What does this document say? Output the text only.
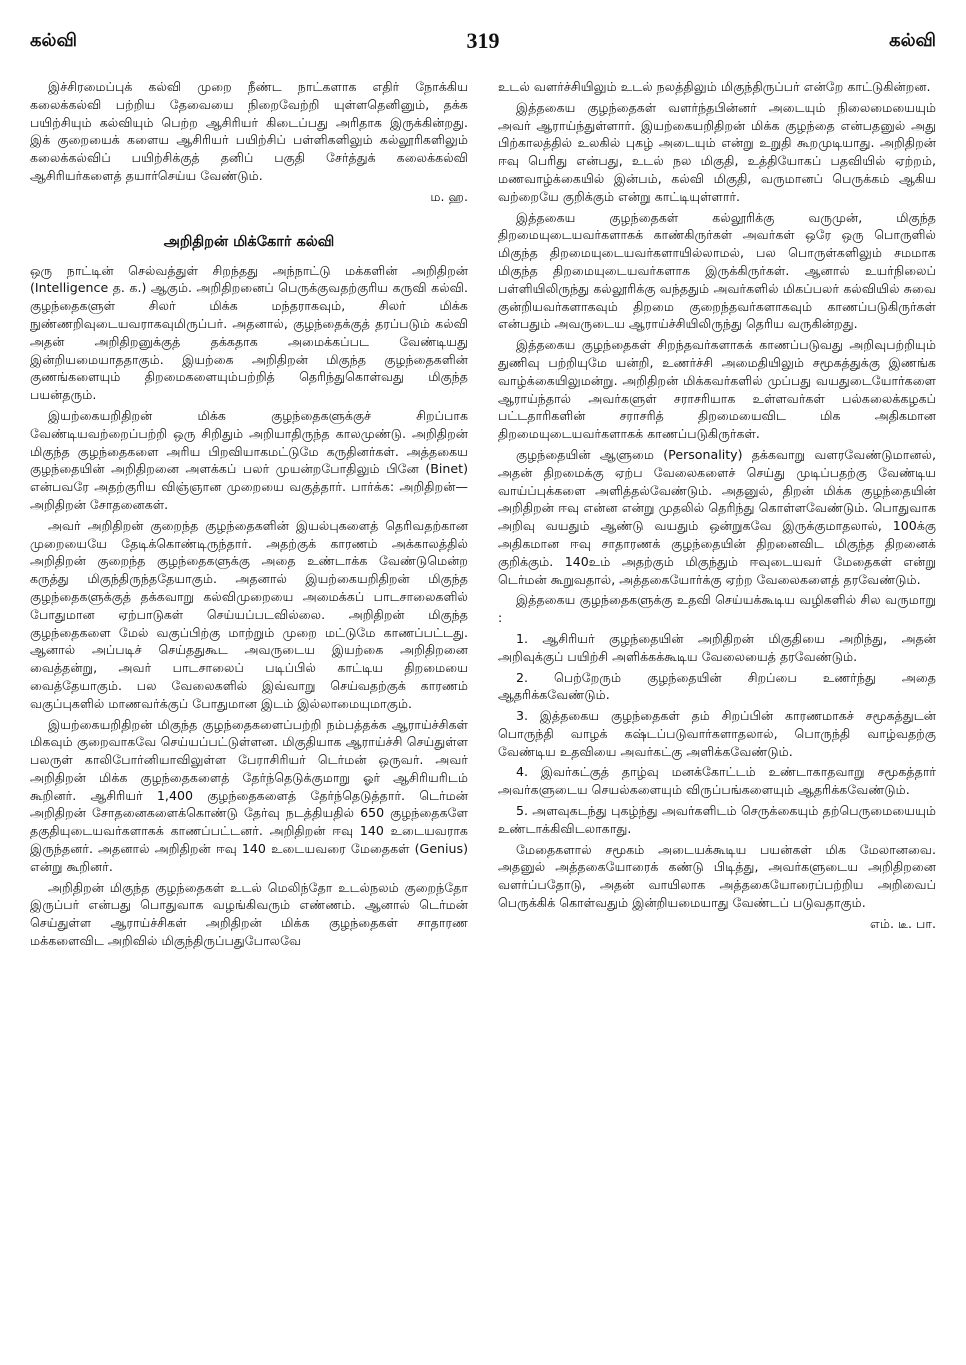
கல்வி	319	கல்வி

இச்சிரமைப்புக் கல்வி முறை நீண்ட நாட்களாக எதிர் நோக்கிய கலைக்கல்வி பற்றிய தேவையை நிறைவேற்றி யுள்ளதெனினும், தக்க பயிற்சியும் கல்வியும் பெற்ற ஆசிரியர் கிடைப்பது அரிதாக இருக்கின்றது. இக் குறையைக் களைய ஆசிரியர் பயிற்சிப் பள்ளிகளிலும் கல்லூரிகளிலும் கலைக்கல்விப் பயிற்சிக்குத் தனிப் பகுதி சேர்த்துக் கலைக்கல்வி ஆசிரியர்களைத் தயார்செய்ய வேண்டும்.

ம. ஹ.
அறிதிறன் மிக்கோர் கல்வி

ஒரு நாட்டின் செல்வத்துள் சிறந்தது அந்நாட்டு மக்களின் அறிதிறன் (Intelligence த. க.) ஆகும். அறிதிறனைப் பெருக்குவதற்குரிய கருவி கல்வி. குழந்தைகளுள் சிலர் மிக்க மந்தராகவும், சிலர் மிக்க நுண்ணறிவுடையவராகவுமிருப்பர். அதனால், குழந்தைக்குத் தரப்படும் கல்வி அதன் அறிதிறனுக்குத் தக்கதாக அமைக்கப்பட வேண்டியது இன்றியமையாததாகும். இயற்கை அறிதிறன் மிகுந்த குழந்தைகளின் குணங்களையும் திறமைகளையும்பற்றித் தெரிந்துகொள்வது மிகுந்த பயன்தரும்.

இயற்கையறிதிறன் மிக்க குழந்தைகளுக்குச் சிறப்பாக வேண்டியவற்றைப்பற்றி ஒரு சிறிதும் அறியாதிருந்த காலமுண்டு. அறிதிறன் மிகுந்த குழந்தைகளை அரிய பிறவியாகமட்டுமே கருதினர்கள். அத்தகைய குழந்தையின் அறிதிறனை அளக்கப் பலர் முயன்றபோதிலும் பினே (Binet) என்பவரே அதற்குரிய விஞ்ஞான முறையை வகுத்தார். பார்க்க: அறிதிறன்—அறிதிறன் சோதனைகள்.

அவர் அறிதிறன் குறைந்த குழந்தைகளின் இயல்புகளைத் தெரிவதற்கான முறையையே தேடிக்கொண்டிருந்தார். அதற்குக் காரணம் அக்காலத்தில் அறிதிறன் குறைந்த குழந்தைகளுக்கு அதை உண்டாக்க வேண்டுமென்ற கருத்து மிகுந்திருந்ததேயாகும். அதனால் இயற்கையறிதிறன் மிகுந்த குழந்தைகளுக்குத் தக்கவாறு கல்விமுறையை அமைக்கப் பாடசாலைகளில் போதுமான ஏற்பாடுகள் செய்யப்படவில்லை. அறிதிறன் மிகுந்த குழந்தைகளை மேல் வகுப்பிற்கு மாற்றும் முறை மட்டுமே காணப்பட்டது. ஆனால் அப்படிச் செய்ததுகூட அவருடைய இயற்கை அறிதிறனை வைத்தன்று, அவர் பாடசாலைப் படிப்பில் காட்டிய திறமையை வைத்தேயாகும். பல வேலைகளில் இவ்வாறு செய்வதற்குக் காரணம் வகுப்புகளில் மாணவர்க்குப் போதுமான இடம் இல்லாமையுமாகும்.

இயற்கையறிதிறன் மிகுந்த குழந்தைகளைப்பற்றி நம்பத்தக்க ஆராய்ச்சிகள் மிகவும் குறைவாகவே செய்யப்பட்டுள்ளன. மிகுதியாக ஆராய்ச்சி செய்துள்ள பலருள் காலிபோர்னியாவிலுள்ள பேராசிரியர் டெர்மன் ஒருவர். அவர் அறிதிறன் மிக்க குழந்தைகளைத் தேர்ந்தெடுக்குமாறு ஓர் ஆசிரியரிடம் கூறினர். ஆசிரியர் 1,400 குழந்தைகளைத் தேர்ந்தெடுத்தார். டெர்மன் அறிதிறன் சோதனைகளைக்கொண்டு தேர்வு நடத்தியதில் 650 குழந்தைகளே தகுதியுடையவர்களாகக் காணப்பட்டனர். அறிதிறன் ஈவு 140 உடையவராக இருந்தனர். அதனால் அறிதிறன் ஈவு 140 உடையவரை மேதைகள் (Genius) என்று கூறினர்.

அறிதிறன் மிகுந்த குழந்தைகள் உடல் மெலிந்தோ உடல்நலம் குறைந்தோ இருப்பர் என்பது பொதுவாக வழங்கிவரும் எண்ணம். ஆனால் டெர்மன் செய்துள்ள ஆராய்ச்சிகள் அறிதிறன் மிக்க குழந்தைகள் சாதாரண மக்களைவிட அறிவில் மிகுந்திருப்பதுபோலவே

உடல் வளர்ச்சியிலும் உடல் நலத்திலும் மிகுந்திருப்பர் என்றே காட்டுகின்றன.

இத்தகைய குழந்தைகள் வளர்ந்தபின்னர் அடையும் நிலைமையையும் அவர் ஆராய்ந்துள்ளார். இயற்கையறிதிறன் மிக்க குழந்தை என்பதனுல் அது பிற்காலத்தில் உலகில் புகழ் அடையும் என்று உறுதி கூறமுடியாது. அறிதிறன் ஈவு பெரிது என்பது, உடல் நல மிகுதி, உத்தியோகப் பதவியில் ஏற்றம், மணவாழ்க்கையில் இன்பம், கல்வி மிகுதி, வருமானப் பெருக்கம் ஆகிய வற்றையே குறிக்கும் என்று காட்டியுள்ளார்.

இத்தகைய குழந்தைகள் கல்லூரிக்கு வருமுன், மிகுந்த திறமையுடையவர்களாகக் காண்கிருர்கள் அவர்கள் ஒரே ஒரு பொருளில் மிகுந்த திறமையுடையவர்களாயில்லாமல், பல பொருள்களிலும் சமமாக மிகுந்த திறமையுடையவர்களாக இருக்கிருர்கள். ஆனால் உயர்நிலைப் பள்ளியிலிருந்து கல்லூரிக்கு வந்ததும் அவர்களில் மிகப்பலர் கல்வியில் சுவை குன்றியவர்களாகவும் திறமை குறைந்தவர்களாகவும் காணப்படுகிருர்கள் என்பதும் அவருடைய ஆராய்ச்சியிலிருந்து தெரிய வருகின்றது.

இத்தகைய குழந்தைகள் சிறந்தவர்களாகக் காணப்படுவது அறிவுபற்றியும் துணிவு பற்றியுமே யன்றி, உணர்ச்சி அமைதியிலும் சமூகத்துக்கு இணங்க வாழ்க்கையிலுமன்று. அறிதிறன் மிக்கவர்களில் முப்பது வயதுடையோர்களை ஆராய்ந்தால் அவர்களுள் சராசரியாக உள்ளவர்கள் பல்கலைக்கழகப் பட்டதாரிகளின் சராசரித் திறமையைவிட மிக அதிகமான திறமையுடையவர்களாகக் காணப்படுகிருர்கள்.

குழந்தையின் ஆளுமை (Personality) தக்கவாறு வளரவேண்டுமானல், அதன் திறமைக்கு ஏற்ப வேலைகளைச் செய்து முடிப்பதற்கு வேண்டிய வாய்ப்புக்களை அளித்தல்வேண்டும். அதனுல், திறன் மிக்க குழந்தையின் அறிதிறன் ஈவு என்ன என்று முதலில் தெரிந்து கொள்ளவேண்டும். பொதுவாக அறிவு வயதும் ஆண்டு வயதும் ஒன்றுகவே இருக்குமாதலால், 100க்கு அதிகமான ஈவு சாதாரணக் குழந்தையின் திறனைவிட மிகுந்த திறனைக் குறிக்கும். 140உம் அதற்கும் மிகுந்தும் ஈவுடையவர் மேதைகள் என்று டெர்மன் கூறுவதால், அத்தகையோர்க்கு ஏற்ற வேலைகளைத் தரவேண்டும்.

இத்தகைய குழந்தைகளுக்கு உதவி செய்யக்கூடிய வழிகளில் சில வருமாறு :

1. ஆசிரியர் குழந்தையின் அறிதிறன் மிகுதியை அறிந்து, அதன் அறிவுக்குப் பயிற்சி அளிக்கக்கூடிய வேலையைத் தரவேண்டும்.

2. பெற்றேரும் குழந்தையின் சிறப்பை உணர்ந்து அதை ஆதரிக்கவேண்டும்.

3. இத்தகைய குழந்தைகள் தம் சிறப்பின் காரணமாகச் சமூகத்துடன் பொருந்தி வாழக் கஷ்டப்படுவார்களாதலால், பொருந்தி வாழ்வதற்கு வேண்டிய உதவியை அவர்கட்கு அளிக்கவேண்டும்.

4. இவர்கட்குத் தாழ்வு மனக்கோட்டம் உண்டாகாதவாறு சமூகத்தார் அவர்களுடைய செயல்களையும் விருப்பங்களையும் ஆதரிக்கவேண்டும்.

5. அளவுகடந்து புகழ்ந்து அவர்களிடம் செருக்கையும் தற்பெருமையையும் உண்டாக்கிவிடலாகாது.

மேதைகளால் சமூகம் அடையக்கூடிய பயன்கள் மிக மேலானவை. அதனுல் அத்தகையோரைக் கண்டு பிடித்து, அவர்களுடைய அறிதிறனை வளர்ப்பதோடு, அதன் வாயிலாக அத்தகையோரைப்பற்றிய அறிவைப் பெருக்கிக் கொள்வதும் இன்றியமையாது வேண்டப் படுவதாகும்.

எம். டீ. பா.
